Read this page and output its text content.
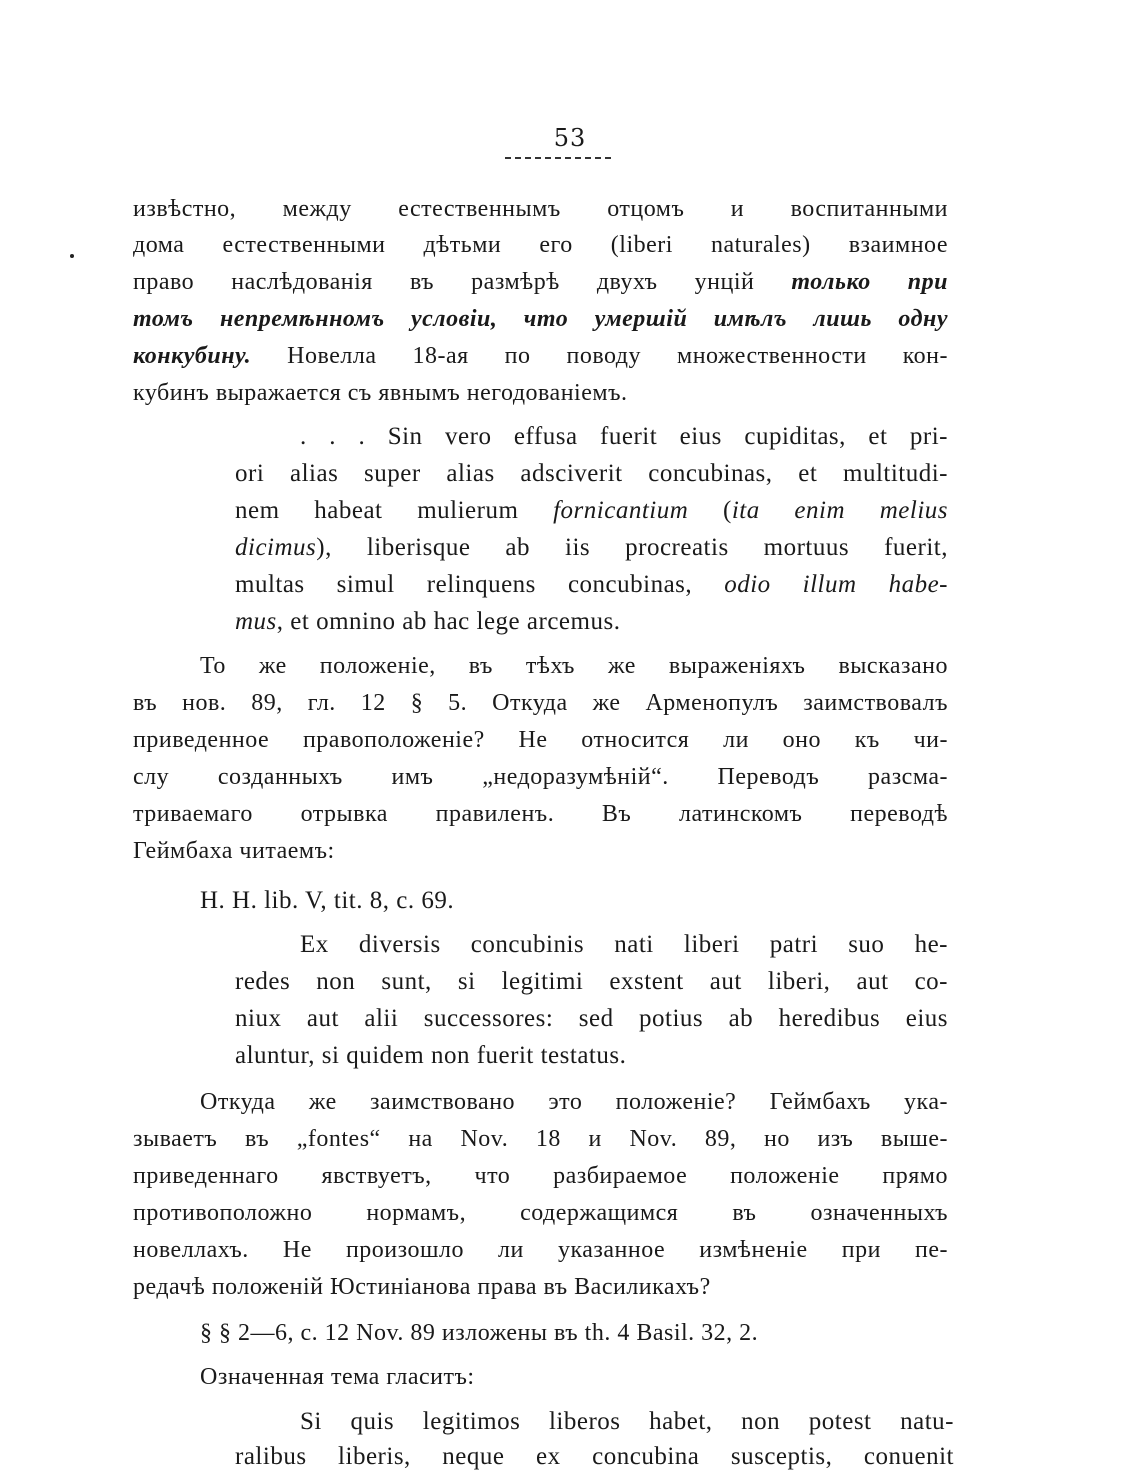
53
извѣстно, между естественнымъ отцомъ и воспитанными
дома естественными дѣтьми его (liberi naturales) взаимное
право наслѣдованія въ размѣрѣ двухъ унцій только при
томъ непремѣнномъ условіи, что умершій имѣлъ лишь одну
конкубину. Новелла 18-ая по поводу множественности кон-
кубинъ выражается съ явнымъ негодованіемъ.
. . . Sin vero effusa fuerit eius cupiditas, et pri-
ori alias super alias adsciverit concubinas, et multitudi-
nem habeat mulierum fornicantium (ita enim melius
dicimus), liberisque ab iis procreatis mortuus fuerit,
multas simul relinquens concubinas, odio illum habe-
mus, et omnino ab hac lege arcemus.
То же положеніе, въ тѣхъ же выраженіяхъ высказано
въ нов. 89, гл. 12 § 5. Откуда же Арменопулъ заимствовалъ
приведенное правоположеніе? Не относится ли оно къ чи-
слу созданныхъ имъ „недоразумѣній“. Переводъ разсма-
триваемаго отрывка правиленъ. Въ латинскомъ переводѣ
Геймбаха читаемъ:
H. H. lib. V, tit. 8, c. 69.
Ex diversis concubinis nati liberi patri suo he-
redes non sunt, si legitimi exstent aut liberi, aut co-
niux aut alii successores: sed potius ab heredibus eius
aluntur, si quidem non fuerit testatus.
Откуда же заимствовано это положеніе? Геймбахъ ука-
зываетъ въ „fontes“ на Nov. 18 и Nov. 89, но изъ выше-
приведеннаго явствуетъ, что разбираемое положеніе прямо
противоположно нормамъ, содержащимся въ означенныхъ
новеллахъ. Не произошло ли указанное измѣненіе при пе-
редачѣ положеній Юстиніанова права въ Василикахъ?
§ § 2—6, c. 12 Nov. 89 изложены въ th. 4 Basil. 32, 2.
Означенная тема гласитъ:
Si quis legitimos liberos habet, non potest natu-
ralibus liberis, neque ex concubina susceptis, conuenit
